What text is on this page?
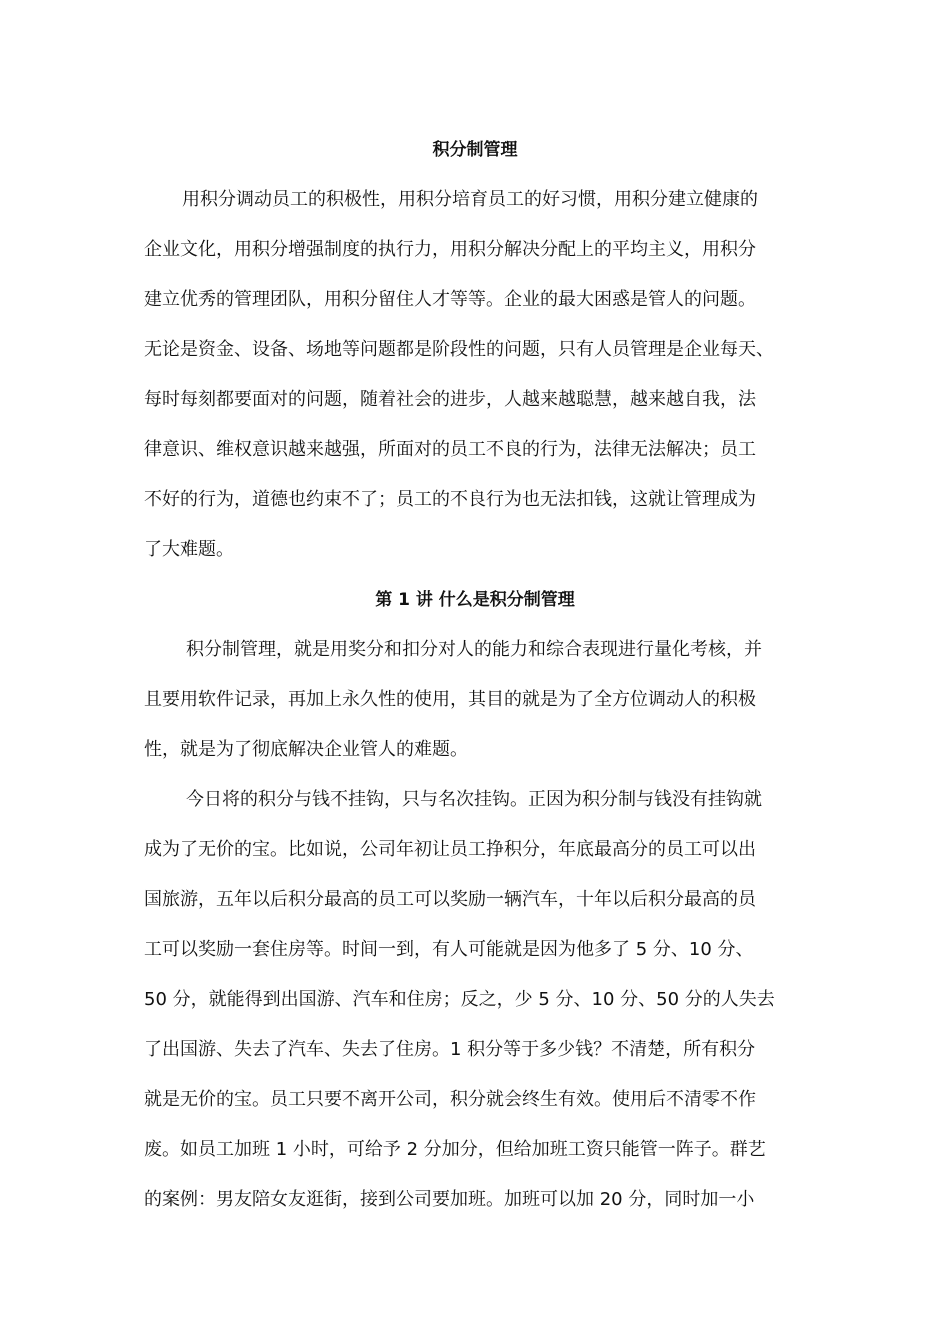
积分制管理
用积分调动员工的积极性，用积分培育员工的好习惯，用积分建立健康的
企业文化，用积分增强制度的执行力，用积分解决分配上的平均主义，用积分
建立优秀的管理团队，用积分留住人才等等。企业的最大困惑是管人的问题。
无论是资金、设备、场地等问题都是阶段性的问题，只有人员管理是企业每天、
每时每刻都要面对的问题，随着社会的进步，人越来越聪慧，越来越自我，法
律意识、维权意识越来越强，所面对的员工不良的行为，法律无法解决；员工
不好的行为，道德也约束不了；员工的不良行为也无法扣钱，这就让管理成为
了大难题。
第 1 讲 什么是积分制管理
积分制管理，就是用奖分和扣分对人的能力和综合表现进行量化考核，并
且要用软件记录，再加上永久性的使用，其目的就是为了全方位调动人的积极
性，就是为了彻底解决企业管人的难题。
今日将的积分与钱不挂钩，只与名次挂钩。正因为积分制与钱没有挂钩就
成为了无价的宝。比如说，公司年初让员工挣积分，年底最高分的员工可以出
国旅游，五年以后积分最高的员工可以奖励一辆汽车，十年以后积分最高的员
工可以奖励一套住房等。时间一到，有人可能就是因为他多了 5 分、10 分、
50 分，就能得到出国游、汽车和住房；反之，少 5 分、10 分、50 分的人失去
了出国游、失去了汽车、失去了住房。1 积分等于多少钱？不清楚，所有积分
就是无价的宝。员工只要不离开公司，积分就会终生有效。使用后不清零不作
废。如员工加班 1 小时，可给予 2 分加分，但给加班工资只能管一阵子。群艺
的案例：男友陪女友逛街，接到公司要加班。加班可以加 20 分，同时加一小
